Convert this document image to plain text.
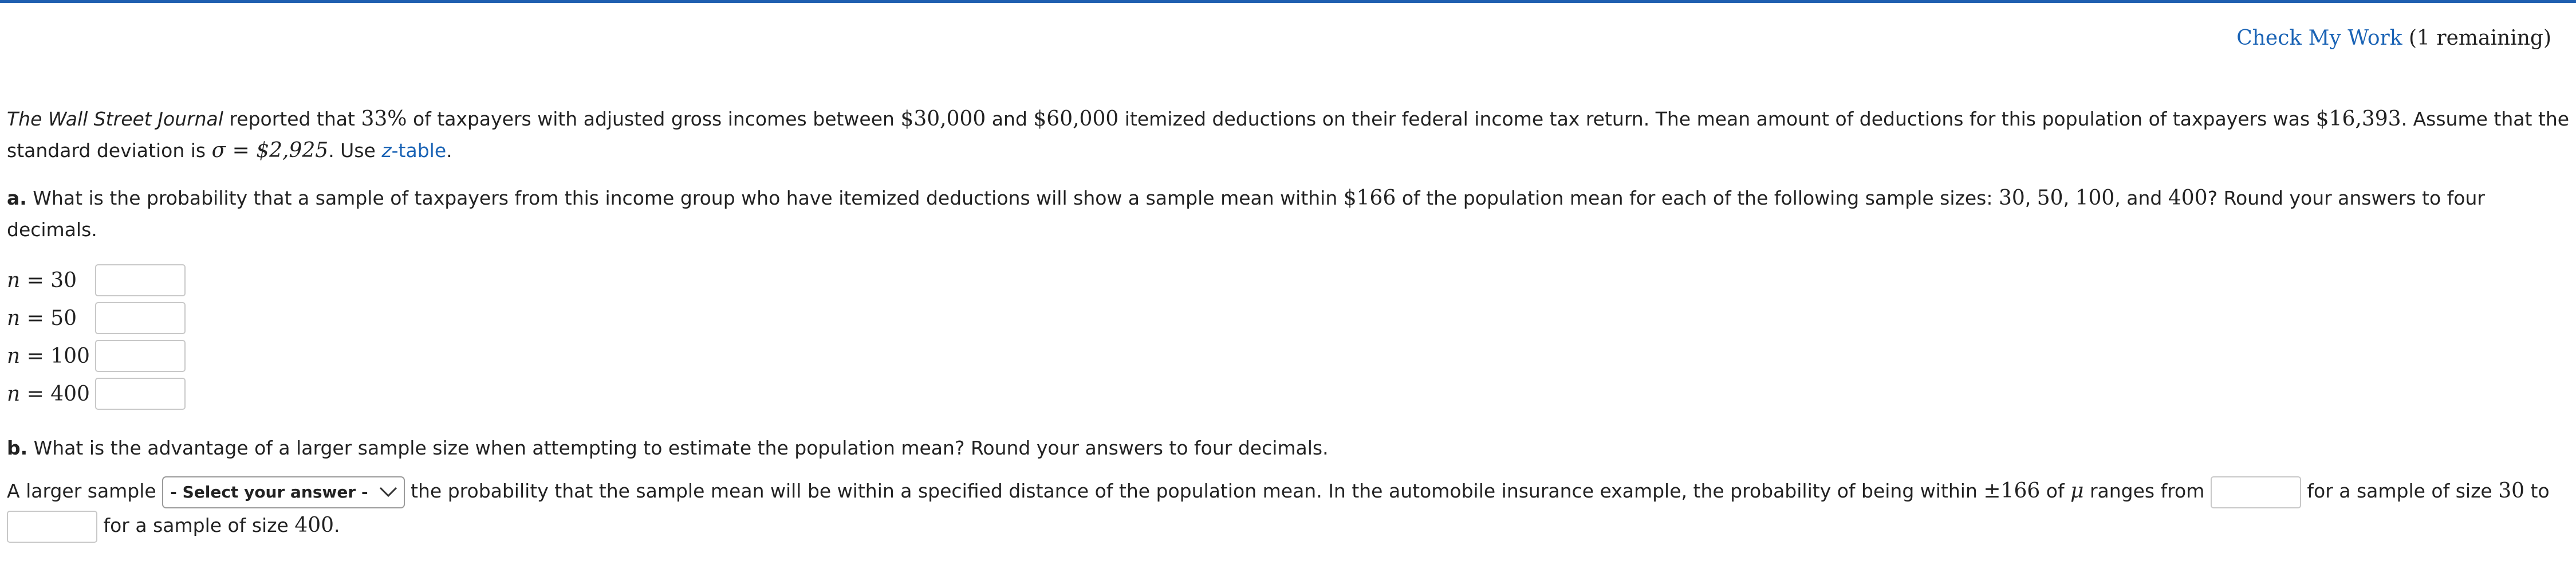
Check My Work (1 remaining)

The Wall Street Journal reported that 33% of taxpayers with adjusted gross incomes between $30,000 and $60,000 itemized deductions on their federal income tax return. The mean amount of deductions for this population of taxpayers was $16,393. Assume that the standard deviation is σ = $2,925. Use z-table.

a. What is the probability that a sample of taxpayers from this income group who have itemized deductions will show a sample mean within $166 of the population mean for each of the following sample sizes: 30, 50, 100, and 400? Round your answers to four decimals.

n = 30
n = 50
n = 100
n = 400

b. What is the advantage of a larger sample size when attempting to estimate the population mean? Round your answers to four decimals.

A larger sample - Select your answer - the probability that the sample mean will be within a specified distance of the population mean. In the automobile insurance example, the probability of being within ±166 of μ ranges from	for a sample of size 30 to
for a sample of size 400.
